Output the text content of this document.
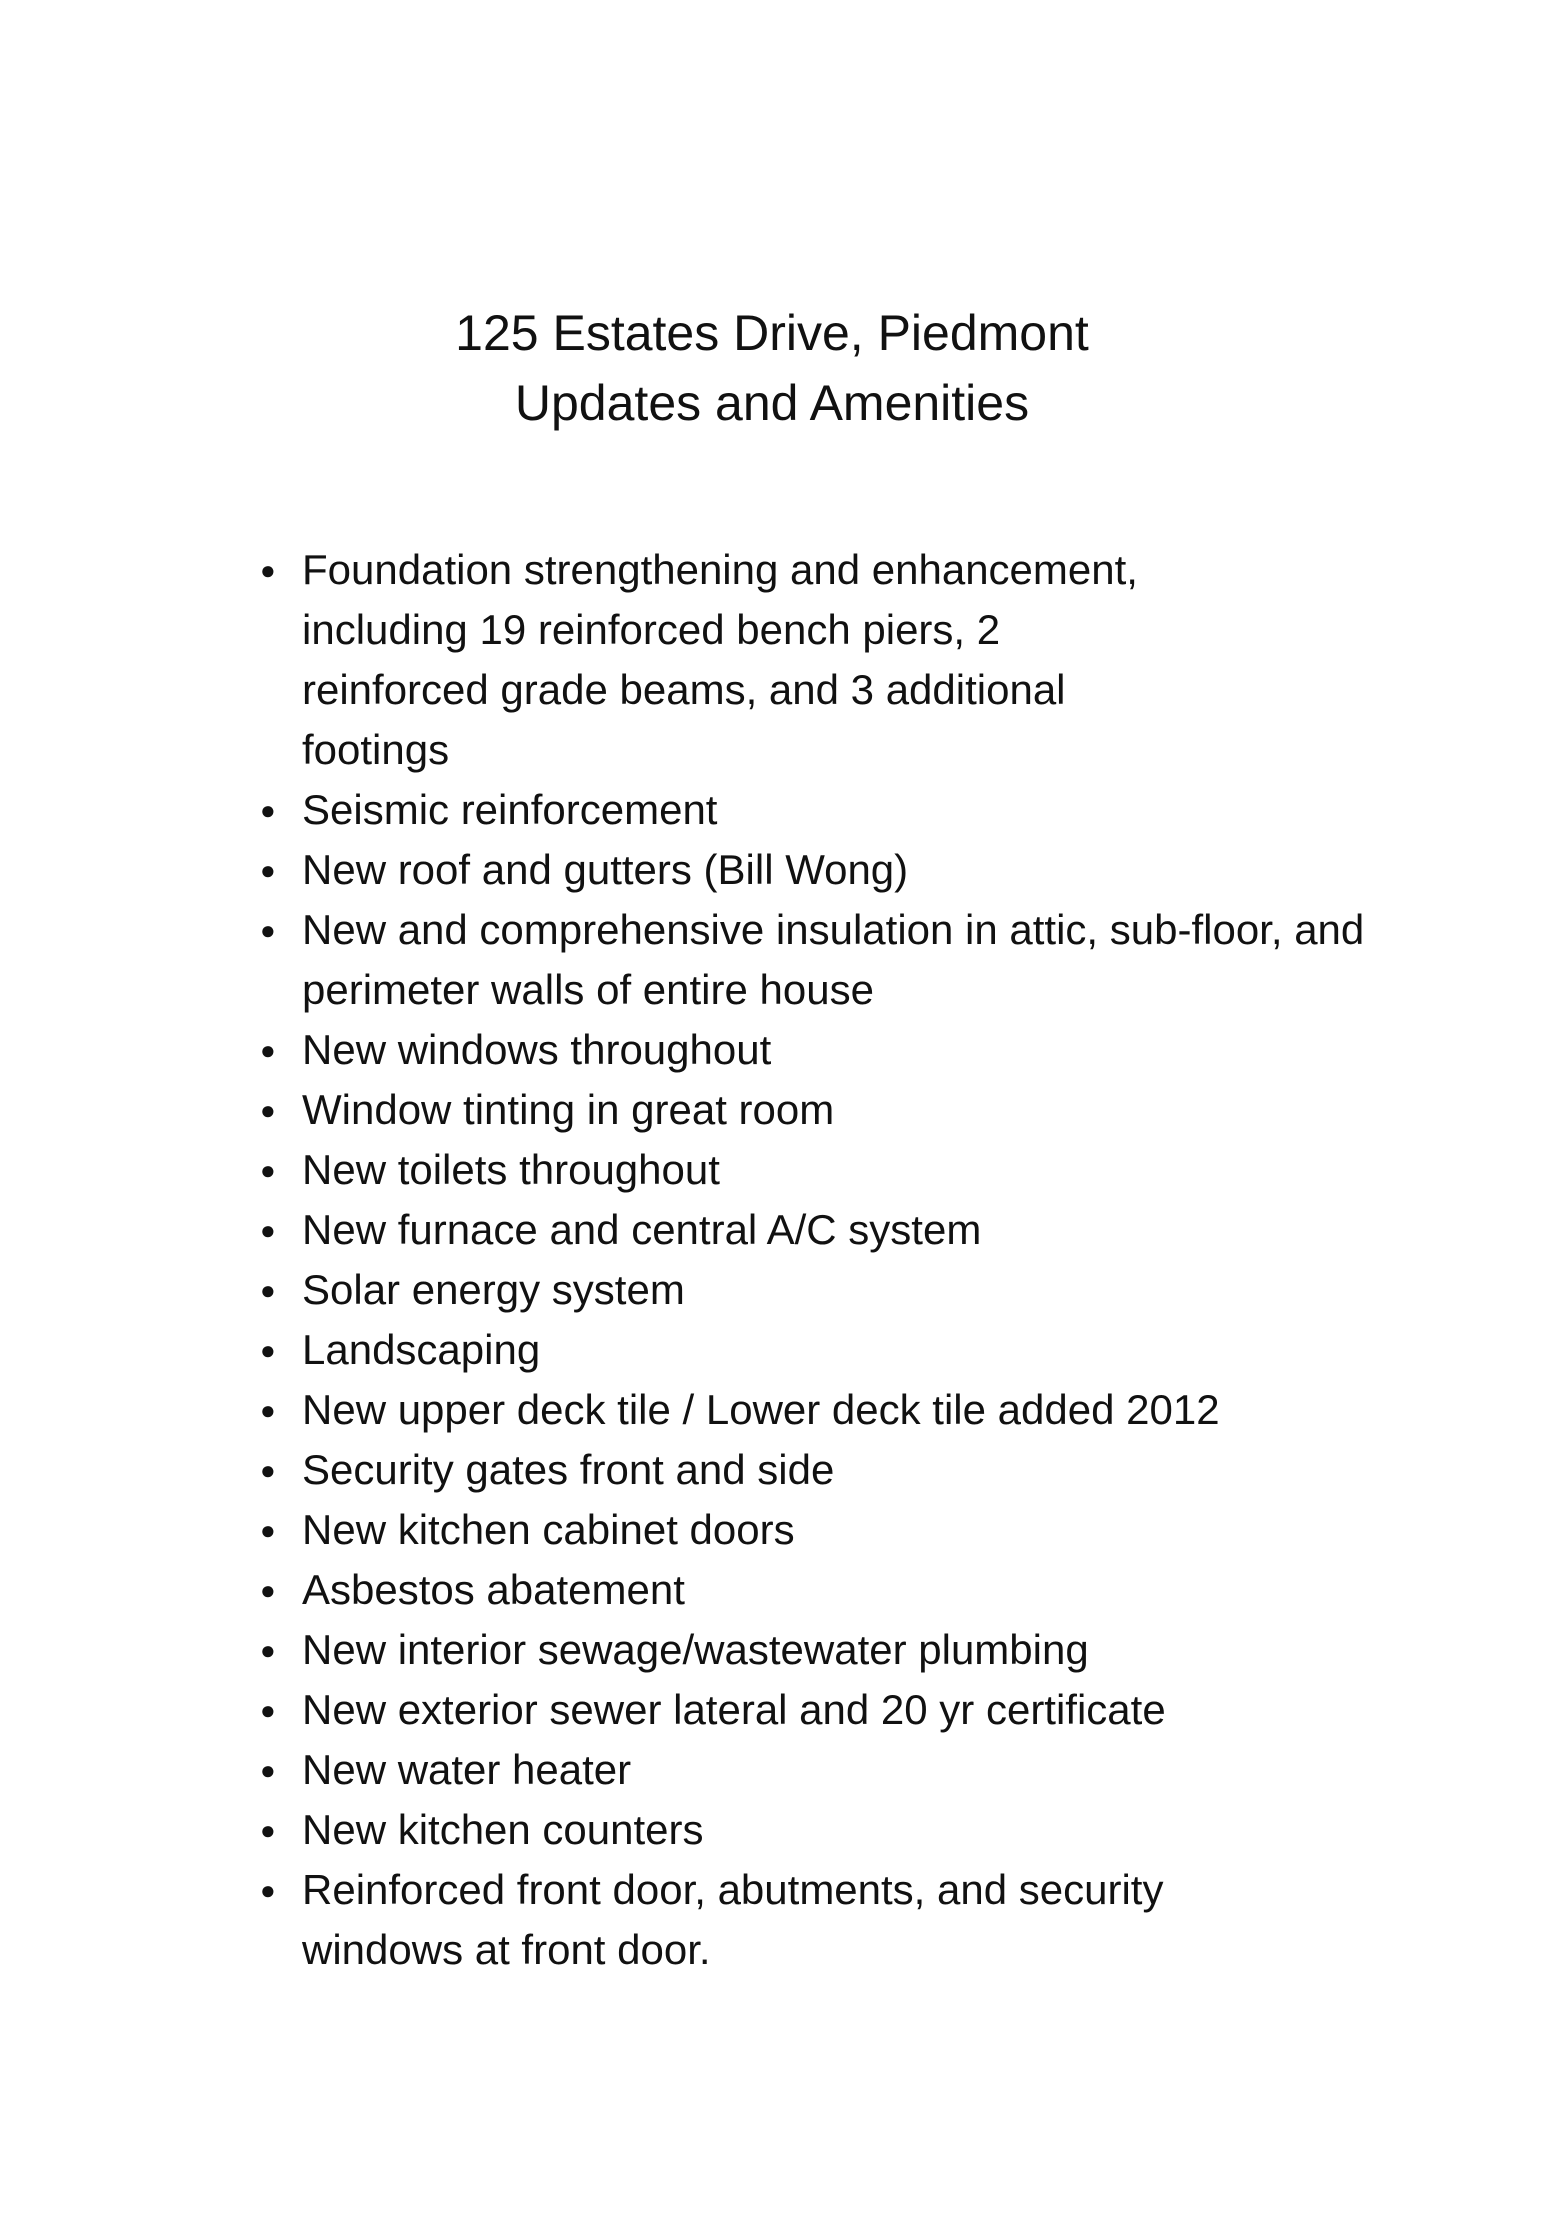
125 Estates Drive, Piedmont
Updates and Amenities
● Foundation strengthening and enhancement, including 19 reinforced bench piers, 2 reinforced grade beams, and 3 additional footings
● Seismic reinforcement
● New roof and gutters (Bill Wong)
● New and comprehensive insulation in attic, sub-floor, and perimeter walls of entire house
● New windows throughout
● Window tinting in great room
● New toilets throughout
● New furnace and central A/C system
● Solar energy system
● Landscaping
● New upper deck tile / Lower deck tile added 2012
● Security gates front and side
● New kitchen cabinet doors
● Asbestos abatement
● New interior sewage/wastewater plumbing
● New exterior sewer lateral and 20 yr certificate
● New water heater
● New kitchen counters
● Reinforced front door, abutments, and security windows at front door.
